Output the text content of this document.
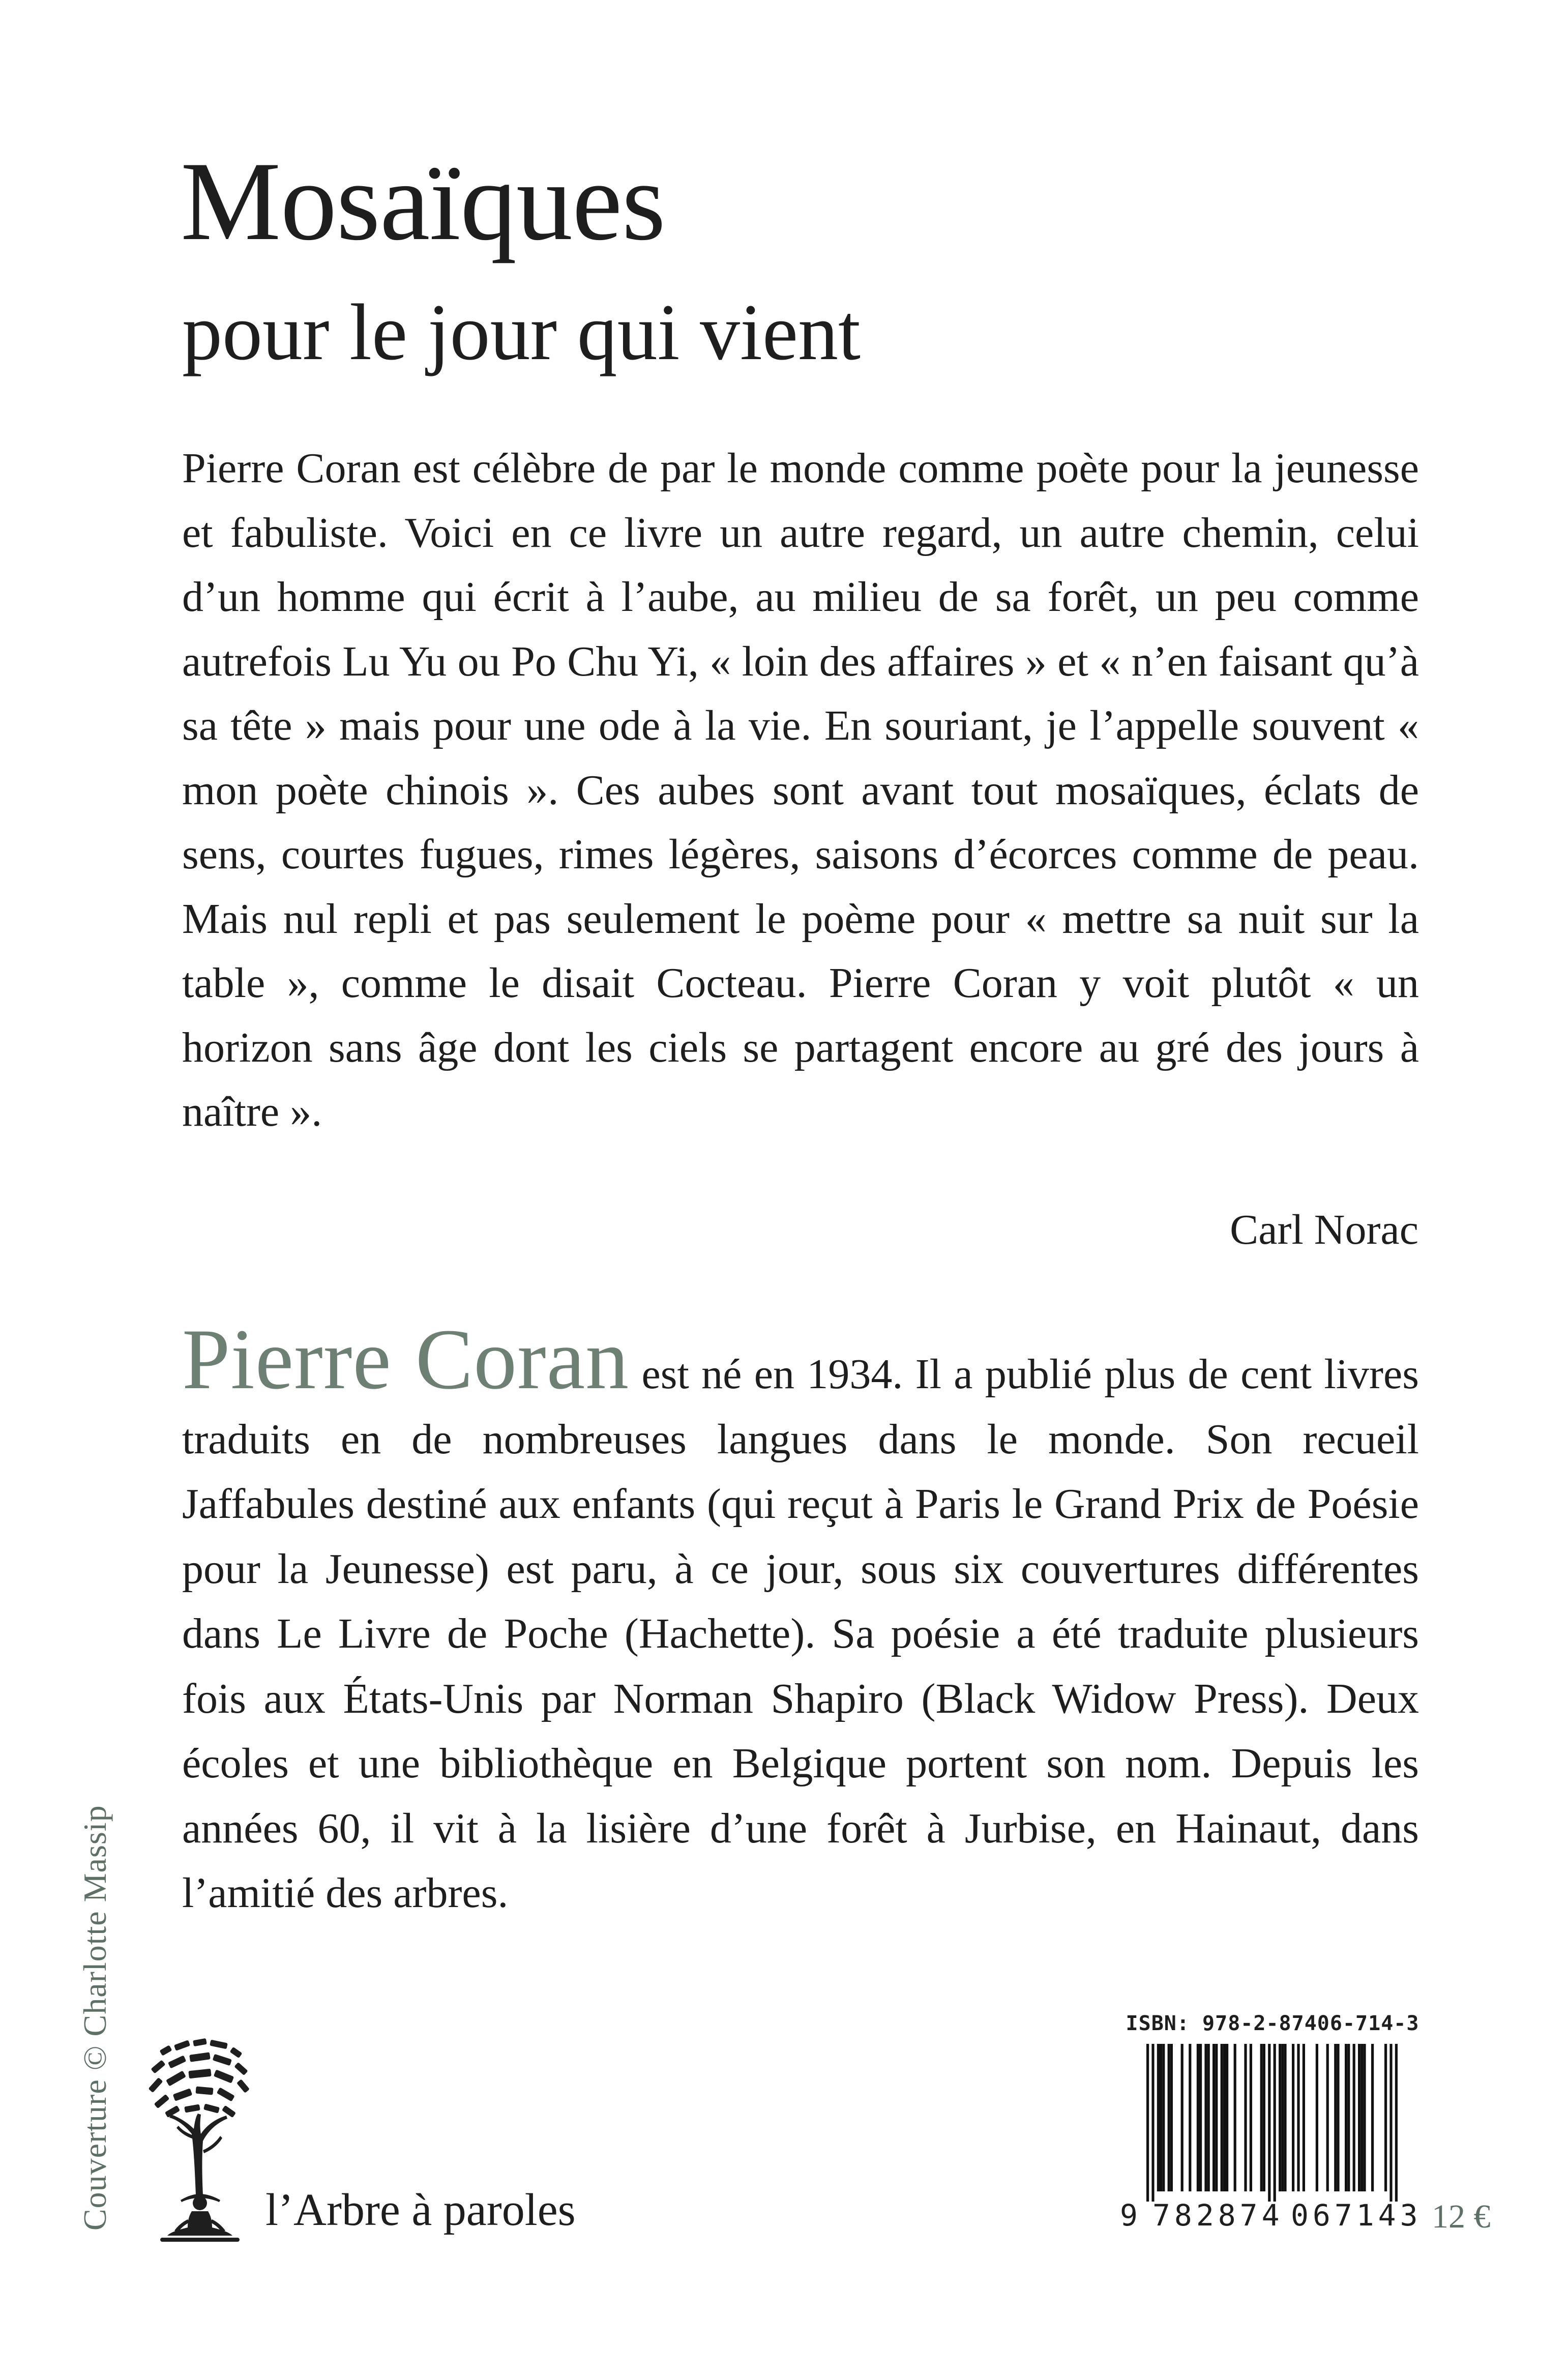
Mosaïques
pour le jour qui vient

Pierre Coran est célèbre de par le monde comme poète pour la jeunesse et fabuliste. Voici en ce livre un autre regard, un autre chemin, celui d’un homme qui écrit à l’aube, au milieu de sa forêt, un peu comme autrefois Lu Yu ou Po Chu Yi, « loin des affaires » et « n’en faisant qu’à sa tête » mais pour une ode à la vie. En souriant, je l’appelle souvent « mon poète chinois ». Ces aubes sont avant tout mosaïques, éclats de sens, courtes fugues, rimes légères, saisons d’écorces comme de peau. Mais nul repli et pas seulement le poème pour « mettre sa nuit sur la table », comme le disait Cocteau. Pierre Coran y voit plutôt « un horizon sans âge dont les ciels se partagent encore au gré des jours à naître ».

Carl Norac

Pierre Coran est né en 1934. Il a publié plus de cent livres traduits en de nombreuses langues dans le monde. Son recueil Jaffabules destiné aux enfants (qui reçut à Paris le Grand Prix de Poésie pour la Jeunesse) est paru, à ce jour, sous six couvertures différentes dans Le Livre de Poche (Hachette). Sa poésie a été traduite plusieurs fois aux États-Unis par Norman Shapiro (Black Widow Press). Deux écoles et une bibliothèque en Belgique portent son nom. Depuis les années 60, il vit à la lisière d’une forêt à Jurbise, en Hainaut, dans l’amitié des arbres.

Couverture © Charlotte Massip	l’Arbre à paroles

ISBN: 978-2-87406-714-3
9 782874 067143 12 €
